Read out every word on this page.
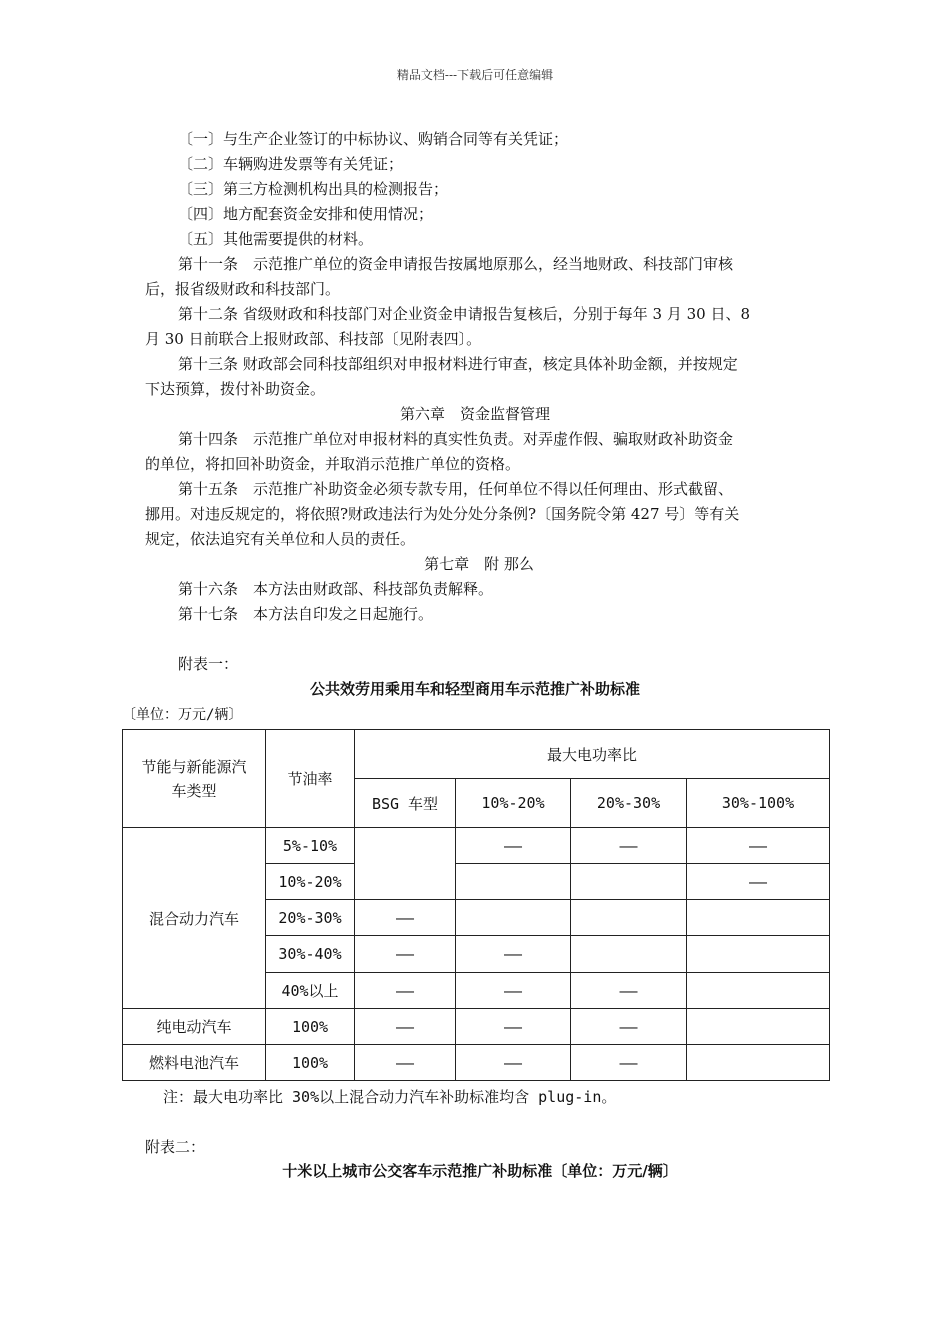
精品文档---下载后可任意编辑
〔一〕与生产企业签订的中标协议、购销合同等有关凭证；
〔二〕车辆购进发票等有关凭证；
〔三〕第三方检测机构出具的检测报告；
〔四〕地方配套资金安排和使用情况；
〔五〕其他需要提供的材料。
第十一条　示范推广单位的资金申请报告按属地原那么，经当地财政、科技部门审核
后，报省级财政和科技部门。
第十二条 省级财政和科技部门对企业资金申请报告复核后，分别于每年 3 月 30 日、8
月 30 日前联合上报财政部、科技部〔见附表四〕。
第十三条 财政部会同科技部组织对申报材料进行审查，核定具体补助金额，并按规定
下达预算，拨付补助资金。
第六章　资金监督管理
第十四条　示范推广单位对申报材料的真实性负责。对弄虚作假、骗取财政补助资金
的单位，将扣回补助资金，并取消示范推广单位的资格。
第十五条　示范推广补助资金必须专款专用，任何单位不得以任何理由、形式截留、
挪用。对违反规定的，将依照?财政违法行为处分处分条例?〔国务院令第 427 号〕等有关
规定，依法追究有关单位和人员的责任。
第七章　附 那么
第十六条　本方法由财政部、科技部负责解释。
第十七条　本方法自印发之日起施行。
附表一：
公共效劳用乘用车和轻型商用车示范推广补助标准
〔单位：万元/辆〕
节能与新能源汽车类型	节油率	最大电功率比			
		BSG 车型	10%-20%	20%-30%	30%-100%
混合动力汽车	5%-10%		——	——	——
	10%-20%				——
	20%-30%	——			
	30%-40%	——	——		
	40%以上	——	——	——	
纯电动汽车	100%	——	——	——	
燃料电池汽车	100%	——	——	——	
注：最大电功率比 30%以上混合动力汽车补助标准均含 plug-in。
附表二：
十米以上城市公交客车示范推广补助标准〔单位：万元/辆〕
